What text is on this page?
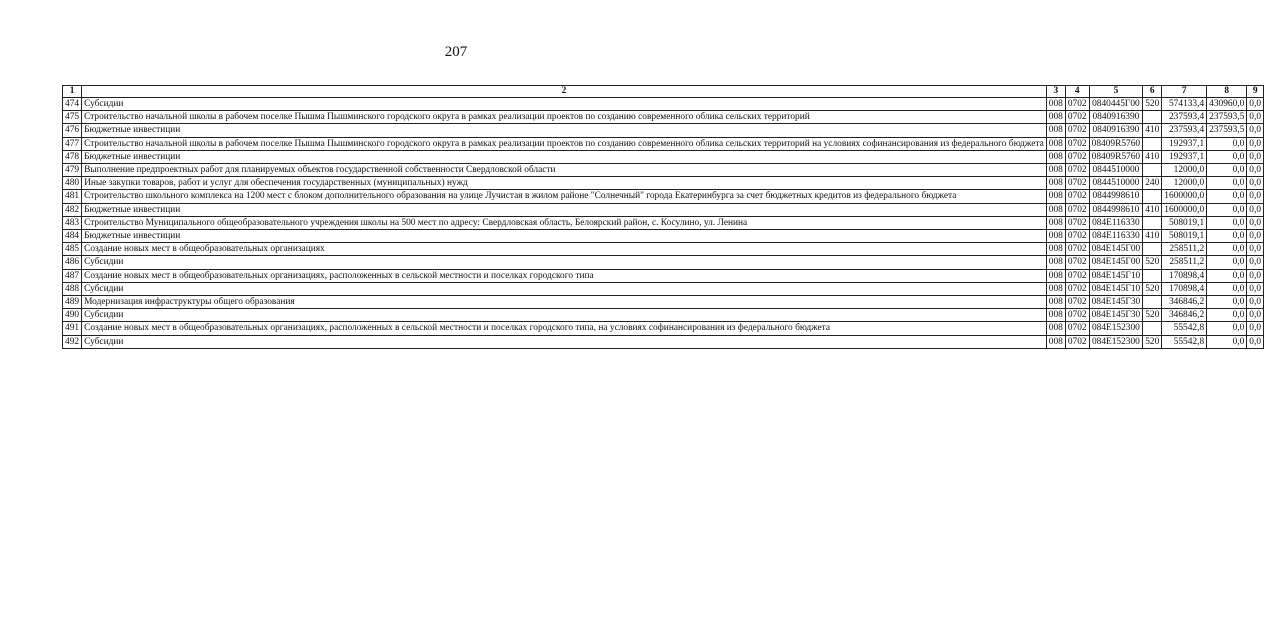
207
1	2	3	4	5	6	7	8	9
474	Субсидии	008	0702	0840445Г00	520	574133,4	430960,0	0,0
475	Строительство начальной школы в рабочем поселке Пышма Пышминского городского округа в рамках реализации проектов по созданию современного облика сельских территорий	008	0702	0840916390		237593,4	237593,5	0,0
476	Бюджетные инвестиции	008	0702	0840916390	410	237593,4	237593,5	0,0
477	Строительство начальной школы в рабочем поселке Пышма Пышминского городского округа в рамках реализации проектов по созданию современного облика сельских территорий на условиях софинансирования из федерального бюджета	008	0702	08409R5760		192937,1	0,0	0,0
478	Бюджетные инвестиции	008	0702	08409R5760	410	192937,1	0,0	0,0
479	Выполнение предпроектных работ для планируемых объектов государственной собственности Свердловской области	008	0702	0844510000		12000,0	0,0	0,0
480	Иные закупки товаров, работ и услуг для обеспечения государственных (муниципальных) нужд	008	0702	0844510000	240	12000,0	0,0	0,0
481	Строительство школьного комплекса на 1200 мест с блоком дополнительного образования на улице Лучистая в жилом районе "Солнечный" города Екатеринбурга за счет бюджетных кредитов из федерального бюджета	008	0702	0844998610		1600000,0	0,0	0,0
482	Бюджетные инвестиции	008	0702	0844998610	410	1600000,0	0,0	0,0
483	Строительство Муниципального общеобразовательного учреждения школы на 500 мест по адресу: Свердловская область, Белоярский район, с. Косулино, ул. Ленина	008	0702	084E116330		508019,1	0,0	0,0
484	Бюджетные инвестиции	008	0702	084E116330	410	508019,1	0,0	0,0
485	Создание новых мест в общеобразовательных организациях	008	0702	084E145Г00		258511,2	0,0	0,0
486	Субсидии	008	0702	084E145Г00	520	258511,2	0,0	0,0
487	Создание новых мест в общеобразовательных организациях, расположенных в сельской местности и поселках городского типа	008	0702	084E145Г10		170898,4	0,0	0,0
488	Субсидии	008	0702	084E145Г10	520	170898,4	0,0	0,0
489	Модернизация инфраструктуры общего образования	008	0702	084E145Г30		346846,2	0,0	0,0
490	Субсидии	008	0702	084E145Г30	520	346846,2	0,0	0,0
491	Создание новых мест в общеобразовательных организациях, расположенных в сельской местности и поселках городского типа, на условиях софинансирования из федерального бюджета	008	0702	084E152300		55542,8	0,0	0,0
492	Субсидии	008	0702	084E152300	520	55542,8	0,0	0,0
